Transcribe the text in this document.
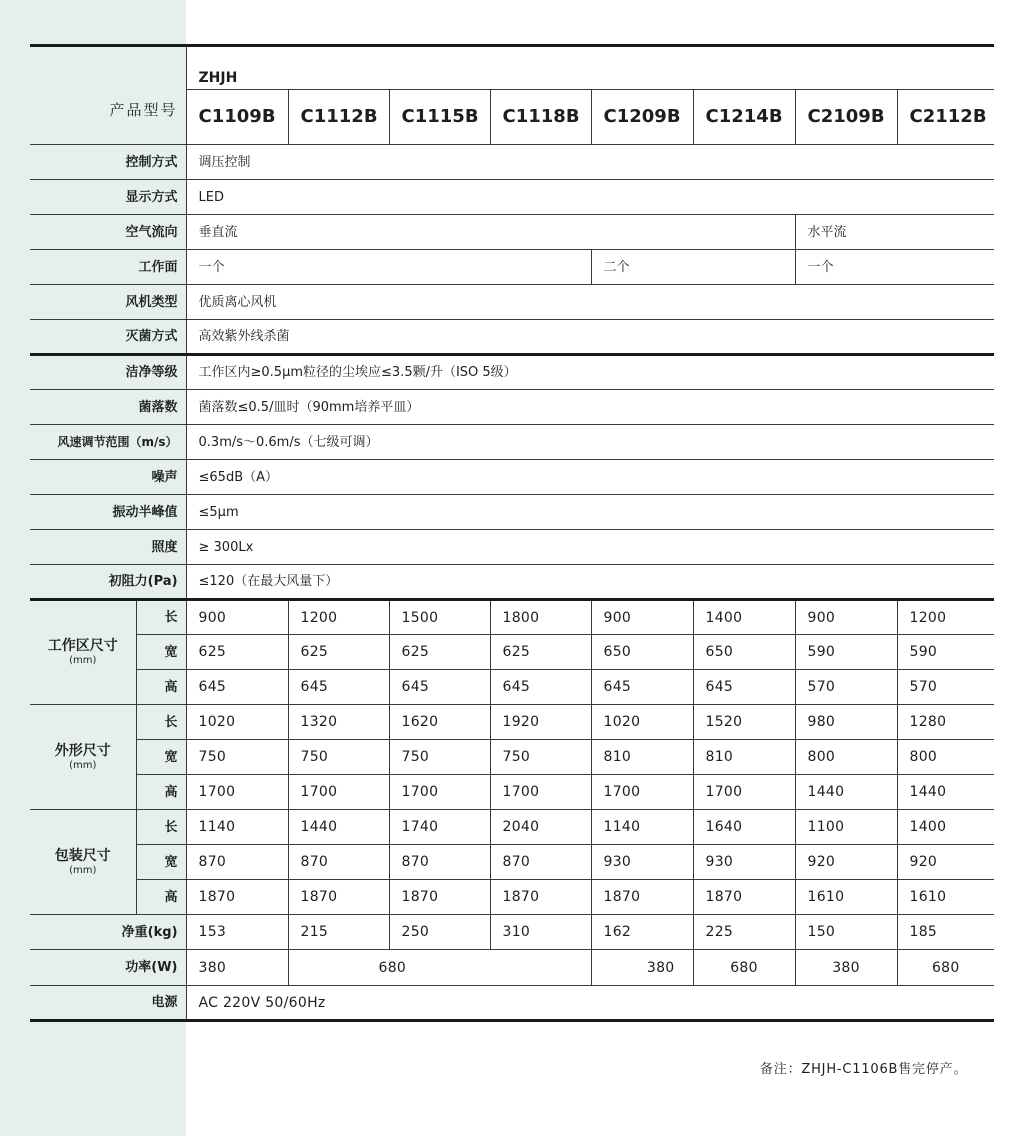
产品型号		ZHJH							
		C1109B	C1112B	C1115B	C1118B	C1209B	C1214B	C2109B	C2112B
控制方式		调压控制							
显示方式		LED							
空气流向		垂直流						水平流	
工作面		一个				二个		一个	
风机类型		优质离心风机							
灭菌方式		高效紫外线杀菌							
洁净等级		工作区内≥0.5μm粒径的尘埃应≤3.5颗/升（ISO 5级）							
菌落数		菌落数≤0.5/皿时（90mm培养平皿）							
风速调节范围（m/s）		0.3m/s～0.6m/s（七级可调）							
噪声		≤65dB（A）							
振动半峰值		≤5μm							
照度		≥ 300Lx							
初阻力(Pa)		≤120（在最大风量下）							

工作区尺寸
(mm)	长	900	1200	1500	1800	900	1400	900	1200
	宽	625	625	625	625	650	650	590	590
	高	645	645	645	645	645	645	570	570

外形尺寸
(mm)	长	1020	1320	1620	1920	1020	1520	980	1280
	宽	750	750	750	750	810	810	800	800
	高	1700	1700	1700	1700	1700	1700	1440	1440

包装尺寸
(mm)	长	1140	1440	1740	2040	1140	1640	1100	1400
	宽	870	870	870	870	930	930	920	920
	高	1870	1870	1870	1870	1870	1870	1610	1610
净重(kg)		153	215	250	310	162	225	150	185
功率(W)		380	680			380	680	380	680
电源		AC 220V 50/60Hz							
备注：ZHJH-C1106B售完停产。
